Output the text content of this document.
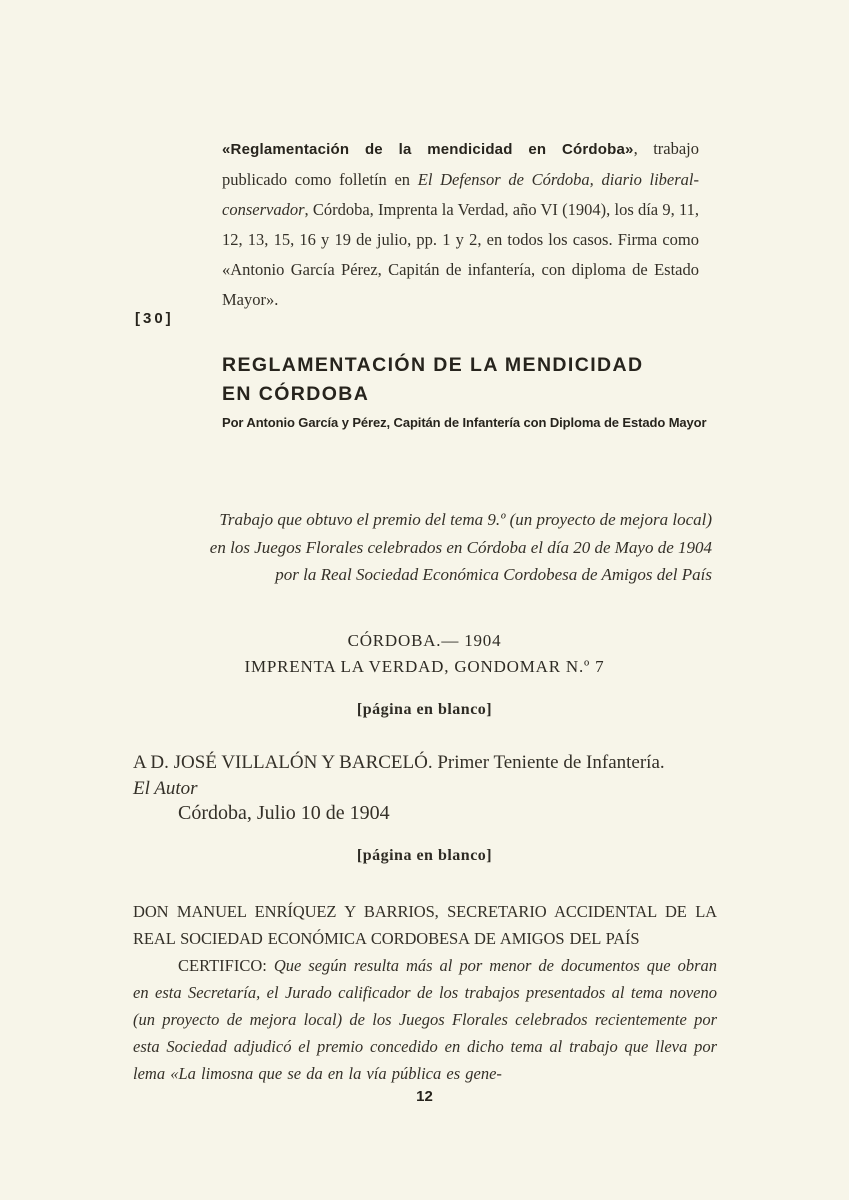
«Reglamentación de la mendicidad en Córdoba», trabajo publicado como folletín en El Defensor de Córdoba, diario liberal-conservador, Córdoba, Imprenta la Verdad, año VI (1904), los día 9, 11, 12, 13, 15, 16 y 19 de julio, pp. 1 y 2, en todos los casos. Firma como «Antonio García Pérez, Capitán de infantería, con diploma de Estado Mayor».

[30]
REGLAMENTACIÓN DE LA MENDICIDAD
EN CÓRDOBA
Por Antonio García y Pérez, Capitán de Infantería con Diploma de Estado Mayor
Trabajo que obtuvo el premio del tema 9.º (un proyecto de mejora local)
en los Juegos Florales celebrados en Córdoba el día 20 de Mayo de 1904
por la Real Sociedad Económica Cordobesa de Amigos del País
CÓRDOBA.— 1904
IMPRENTA LA VERDAD, GONDOMAR N.º 7
[página en blanco]
A D. JOSÉ VILLALÓN Y BARCELÓ. Primer Teniente de Infantería.
El Autor
Córdoba, Julio 10 de 1904
[página en blanco]

DON MANUEL ENRÍQUEZ Y BARRIOS, SECRETARIO ACCIDENTAL DE LA REAL SOCIEDAD ECONÓMICA CORDOBESA DE AMIGOS DEL PAÍS

CERTIFICO: Que según resulta más al por menor de documentos que obran en esta Secretaría, el Jurado calificador de los trabajos presentados al tema noveno (un proyecto de mejora local) de los Juegos Florales celebrados recientemente por esta Sociedad adjudicó el premio concedido en dicho tema al trabajo que lleva por lema «La limosna que se da en la vía pública es gene-

12
